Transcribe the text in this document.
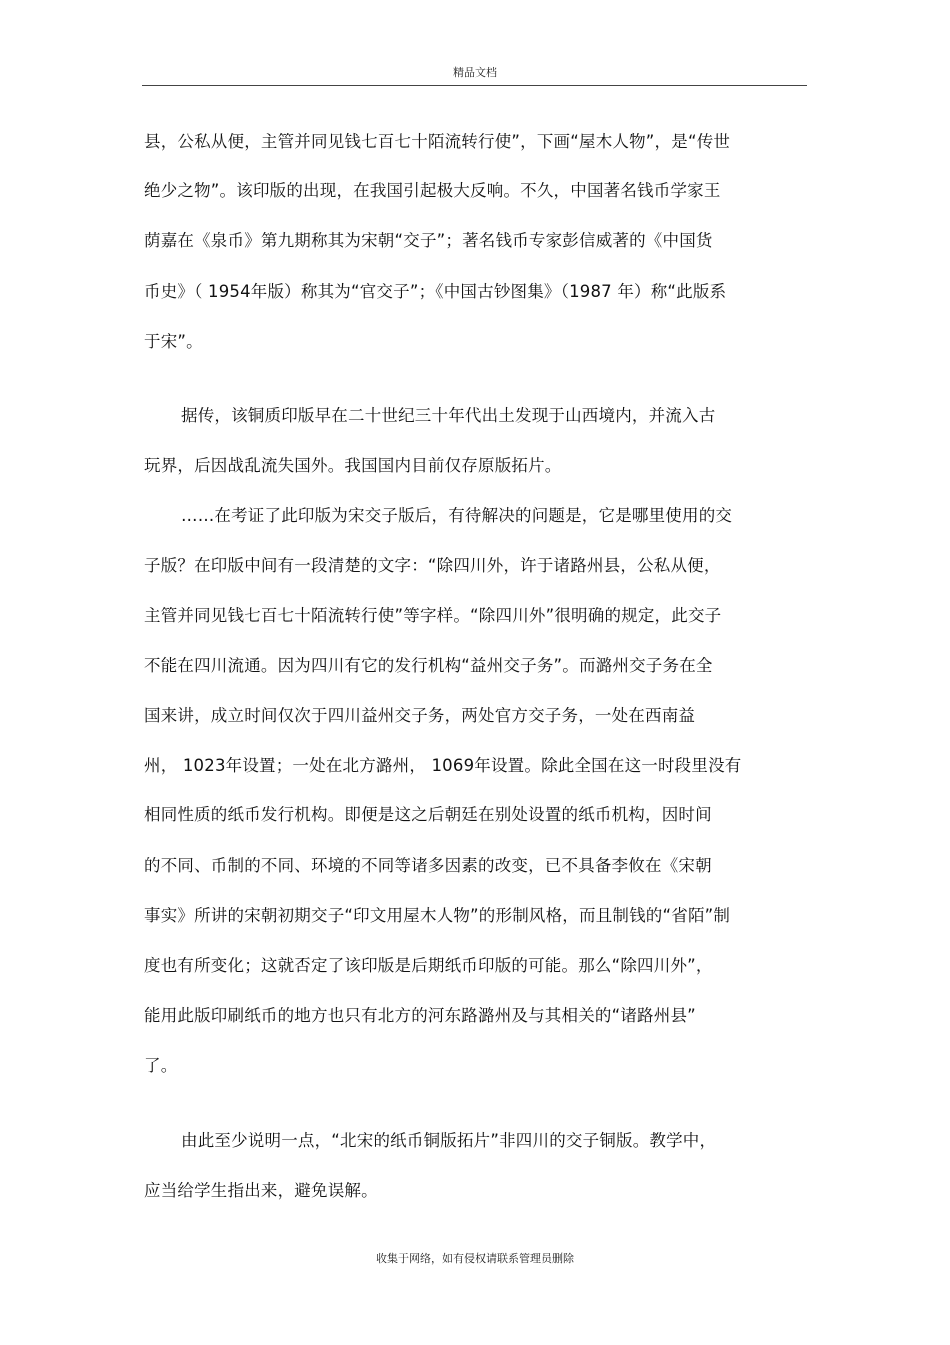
精品文档
县，公私从便，主管并同见钱七百七十陌流转行使”，下画“屋木人物”，是“传世
绝少之物”。该印版的出现，在我国引起极大反响。不久，中国著名钱币学家王
荫嘉在《泉币》第九期称其为宋朝“交子”；著名钱币专家彭信威著的《中国货
币史》（ 1954年版）称其为“官交子”；《中国古钞图集》（1987 年）称“此版系
于宋”。
据传，该铜质印版早在二十世纪三十年代出土发现于山西境内，并流入古
玩界，后因战乱流失国外。我国国内目前仅存原版拓片。
……在考证了此印版为宋交子版后，有待解决的问题是，它是哪里使用的交
子版？在印版中间有一段清楚的文字：“除四川外，许于诸路州县，公私从便，
主管并同见钱七百七十陌流转行使”等字样。“除四川外”很明确的规定，此交子
不能在四川流通。因为四川有它的发行机构“益州交子务”。而潞州交子务在全
国来讲，成立时间仅次于四川益州交子务，两处官方交子务，一处在西南益
州， 1023年设置；一处在北方潞州， 1069年设置。除此全国在这一时段里没有
相同性质的纸币发行机构。即便是这之后朝廷在别处设置的纸币机构，因时间
的不同、币制的不同、环境的不同等诸多因素的改变，已不具备李攸在《宋朝
事实》所讲的宋朝初期交子“印文用屋木人物”的形制风格，而且制钱的“省陌”制
度也有所变化；这就否定了该印版是后期纸币印版的可能。那么“除四川外”，
能用此版印刷纸币的地方也只有北方的河东路潞州及与其相关的“诸路州县”
了。
由此至少说明一点，“北宋的纸币铜版拓片”非四川的交子铜版。教学中，
应当给学生指出来，避免误解。
收集于网络，如有侵权请联系管理员删除
